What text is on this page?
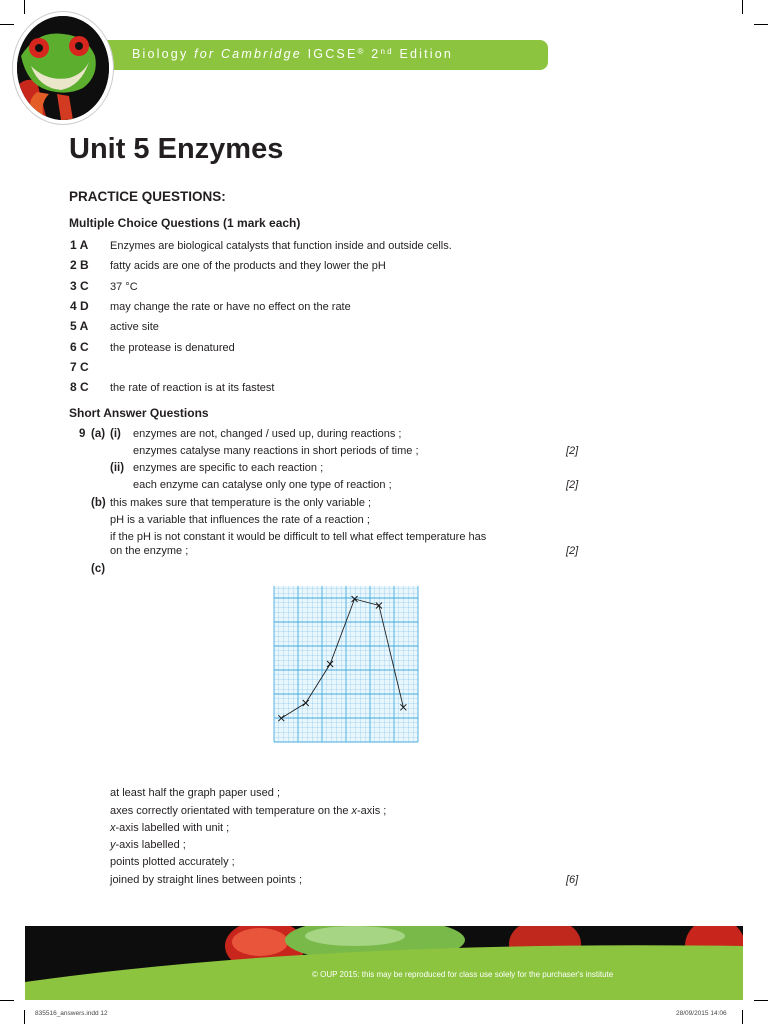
Biology for Cambridge IGCSE® 2nd Edition
Unit 5 Enzymes
PRACTICE QUESTIONS:
Multiple Choice Questions (1 mark each)
1 A Enzymes are biological catalysts that function inside and outside cells.
2 B fatty acids are one of the products and they lower the pH
3 C 37 °C
4 D may change the rate or have no effect on the rate
5 A active site
6 C the protease is denatured
7 C
8 C the rate of reaction is at its fastest
Short Answer Questions
9 (a) (i) enzymes are not, changed / used up, during reactions ;
enzymes catalyse many reactions in short periods of time ;	[2]
(ii) enzymes are specific to each reaction ;
each enzyme can catalyse only one type of reaction ;	[2]
(b) this makes sure that temperature is the only variable ;
pH is a variable that influences the rate of a reaction ;
if the pH is not constant it would be difficult to tell what effect temperature has
on the enzyme ;	[2]
(c)
at least half the graph paper used ;
axes correctly orientated with temperature on the x-axis ;
x-axis labelled with unit ;
y-axis labelled ;
points plotted accurately ;
joined by straight lines between points ;	[6]
© OUP 2015: this may be reproduced for class use solely for the purchaser's institute
835516_answers.indd 12	28/09/2015 14:06
